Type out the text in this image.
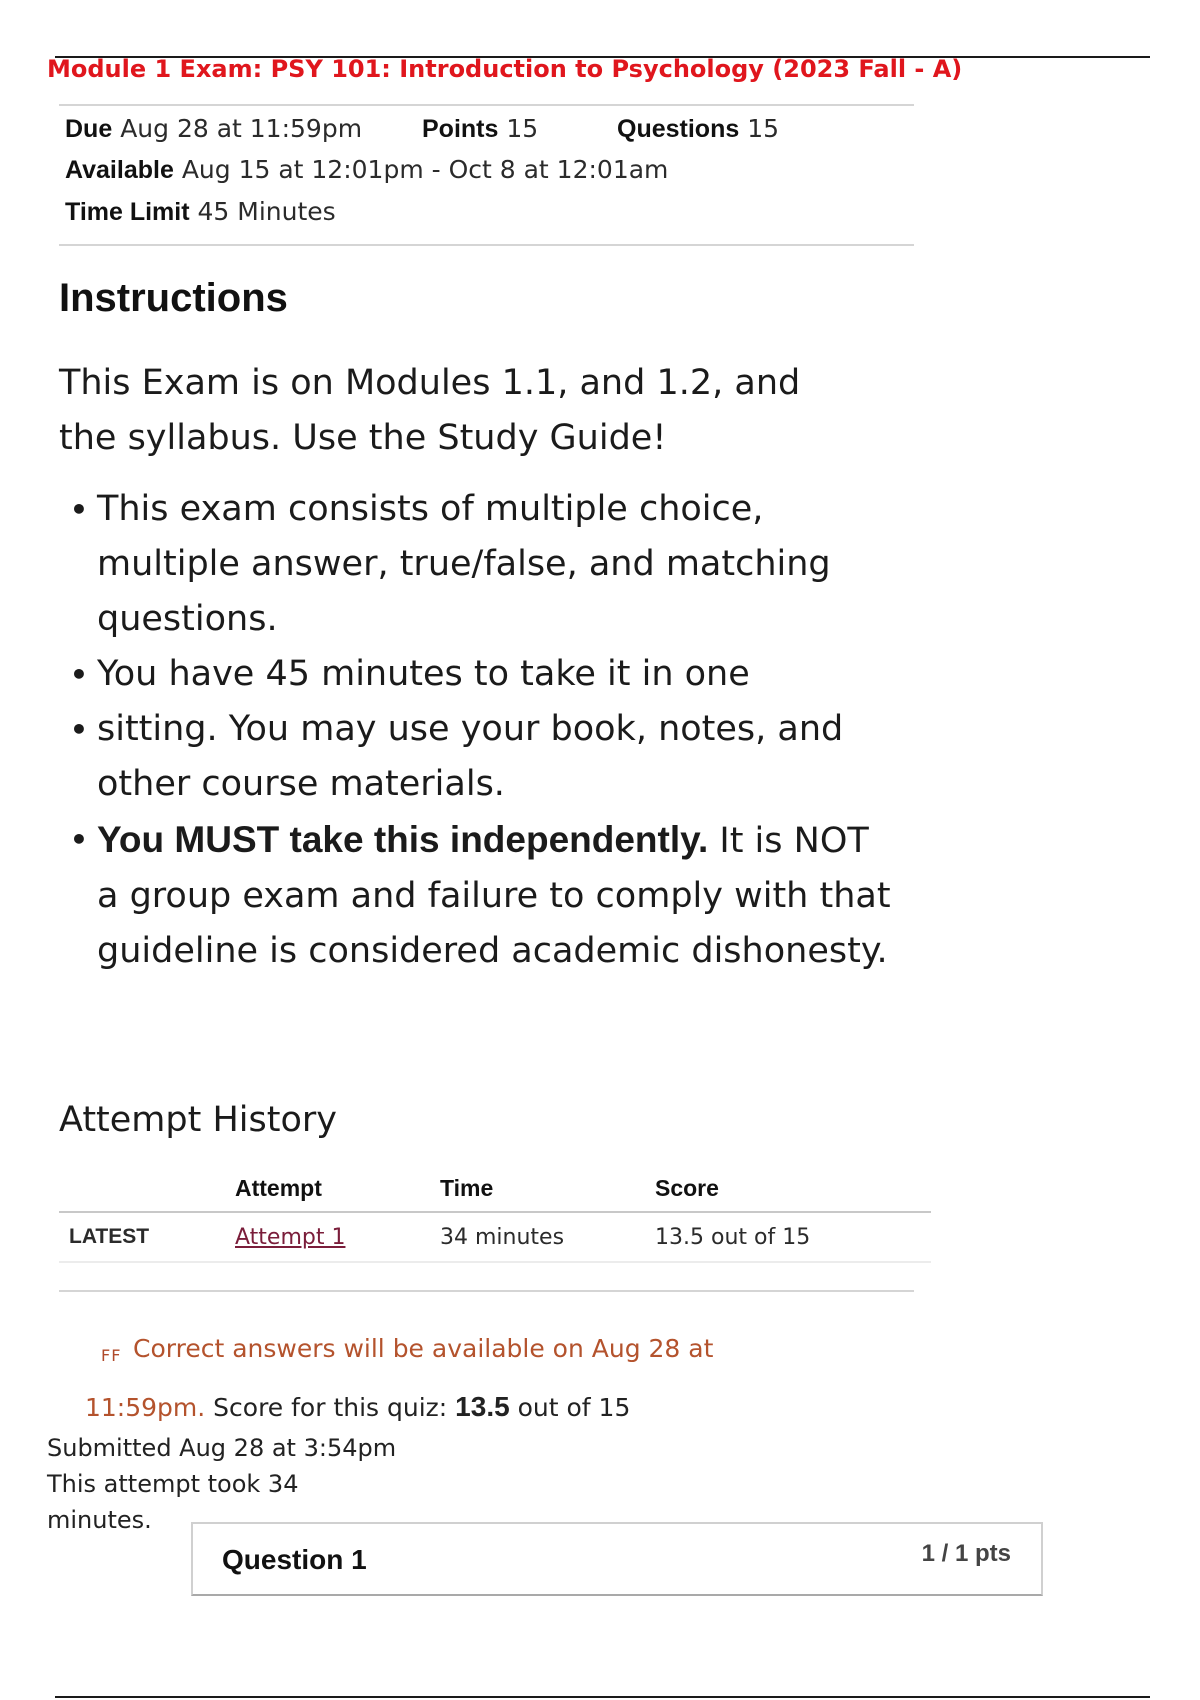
Module 1 Exam: PSY 101: Introduction to Psychology (2023 Fall - A)
Due Aug 28 at 11:59pm Points 15	Questions 15
Available Aug 15 at 12:01pm - Oct 8 at 12:01am
Time Limit 45 Minutes
Instructions
This Exam is on Modules 1.1, and 1.2, and the syllabus. Use the Study Guide!
• This exam consists of multiple choice, multiple answer, true/false, and matching questions.
• You have 45 minutes to take it in one
• sitting. You may use your book, notes, and other course materials.
• You MUST take this independently. It is NOT a group exam and failure to comply with that guideline is considered academic dishonesty.
Attempt History
	Attempt	Time	Score
LATEST	Attempt 1	34 minutes	13.5 out of 15
FF Correct answers will be available on Aug 28 at
11:59pm. Score for this quiz: 13.5 out of 15
Submitted Aug 28 at 3:54pm
This attempt took 34
minutes.
Question 1	1 / 1 pts
